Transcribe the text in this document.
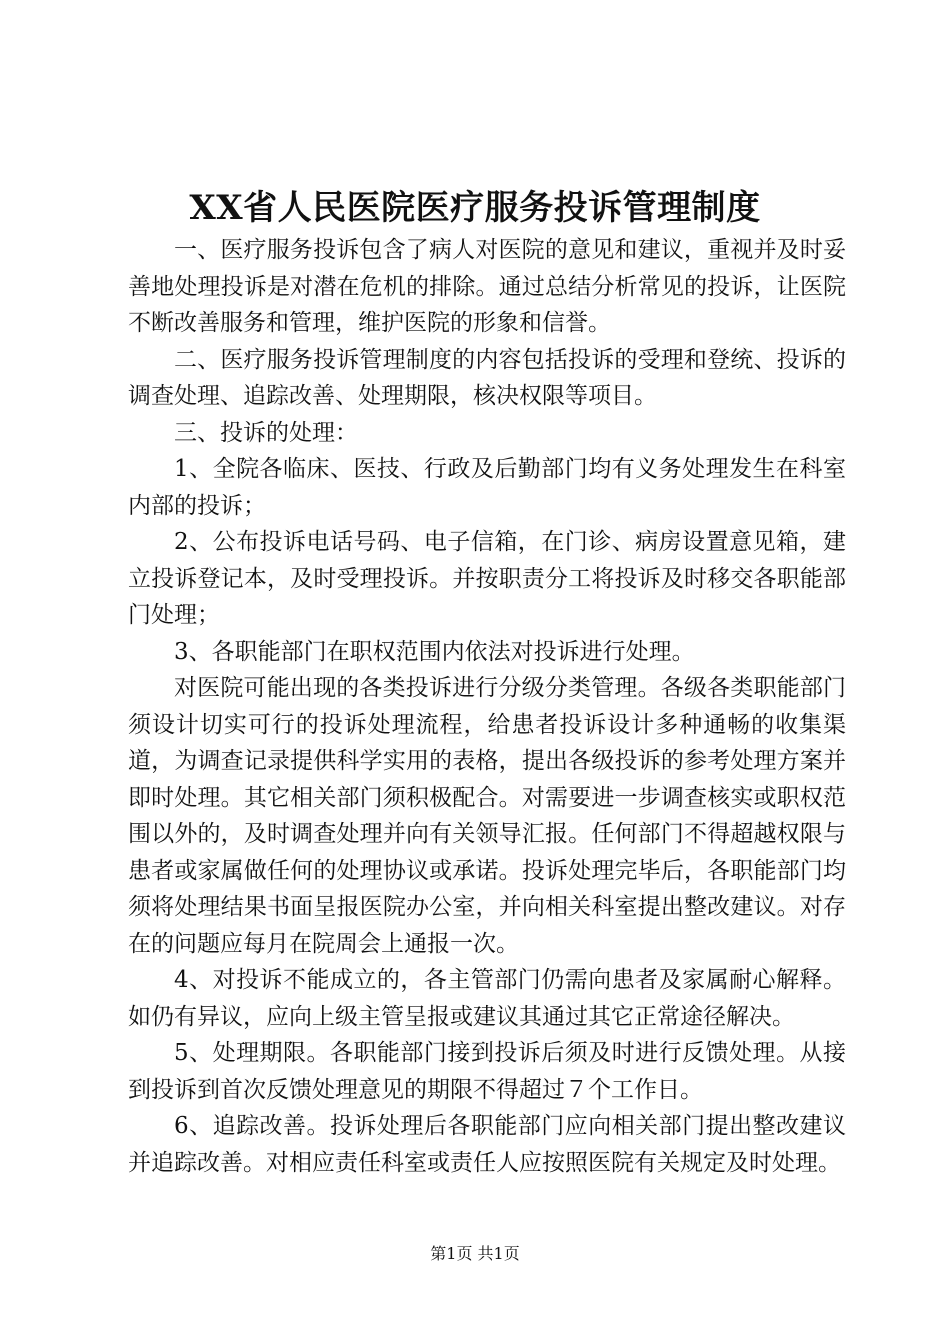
XX省人民医院医疗服务投诉管理制度

一、医疗服务投诉包含了病人对医院的意见和建议，重视并及时妥善地处理投诉是对潜在危机的排除。通过总结分析常见的投诉，让医院不断改善服务和管理，维护医院的形象和信誉。

二、医疗服务投诉管理制度的内容包括投诉的受理和登统、投诉的调查处理、追踪改善、处理期限，核决权限等项目。

三、投诉的处理：

1、全院各临床、医技、行政及后勤部门均有义务处理发生在科室内部的投诉；

2、公布投诉电话号码、电子信箱，在门诊、病房设置意见箱，建立投诉登记本，及时受理投诉。并按职责分工将投诉及时移交各职能部门处理；

3、各职能部门在职权范围内依法对投诉进行处理。

对医院可能出现的各类投诉进行分级分类管理。各级各类职能部门须设计切实可行的投诉处理流程，给患者投诉设计多种通畅的收集渠道，为调查记录提供科学实用的表格，提出各级投诉的参考处理方案并即时处理。其它相关部门须积极配合。对需要进一步调查核实或职权范围以外的，及时调查处理并向有关领导汇报。任何部门不得超越权限与患者或家属做任何的处理协议或承诺。投诉处理完毕后，各职能部门均须将处理结果书面呈报医院办公室，并向相关科室提出整改建议。对存在的问题应每月在院周会上通报一次。

4、对投诉不能成立的，各主管部门仍需向患者及家属耐心解释。如仍有异议，应向上级主管呈报或建议其通过其它正常途径解决。

5、处理期限。各职能部门接到投诉后须及时进行反馈处理。从接到投诉到首次反馈处理意见的期限不得超过７个工作日。

6、追踪改善。投诉处理后各职能部门应向相关部门提出整改建议并追踪改善。对相应责任科室或责任人应按照医院有关规定及时处理。

第1页 共1页
